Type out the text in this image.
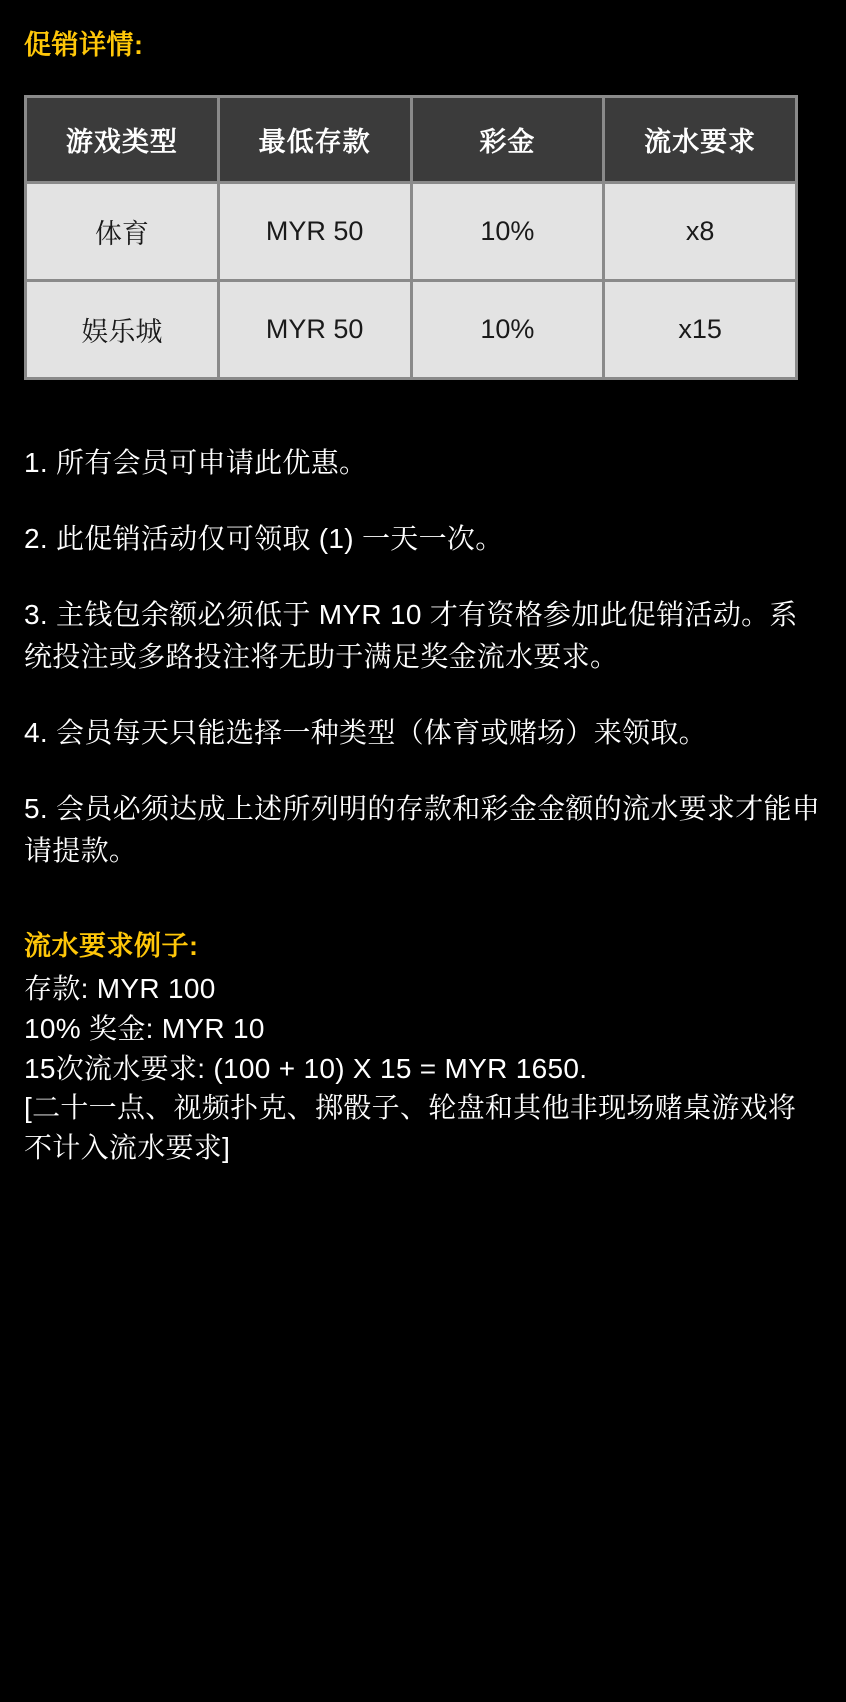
促销详情:
游戏类型	最低存款	彩金	流水要求
体育	MYR 50	10%	x8
娱乐城	MYR 50	10%	x15

1. 所有会员可申请此优惠。

2. 此促销活动仅可领取 (1) 一天一次。

3. 主钱包余额必须低于 MYR 10 才有资格参加此促销活动。系统投注或多路投注将无助于满足奖金流水要求。

4. 会员每天只能选择一种类型（体育或赌场）来领取。

5. 会员必须达成上述所列明的存款和彩金金额的流水要求才能申请提款。

流水要求例子:
存款: MYR 100
10% 奖金: MYR 10
15次流水要求: (100 + 10) X 15 = MYR 1650.
[二十一点、视频扑克、掷骰子、轮盘和其他非现场赌桌游戏将不计入流水要求]
